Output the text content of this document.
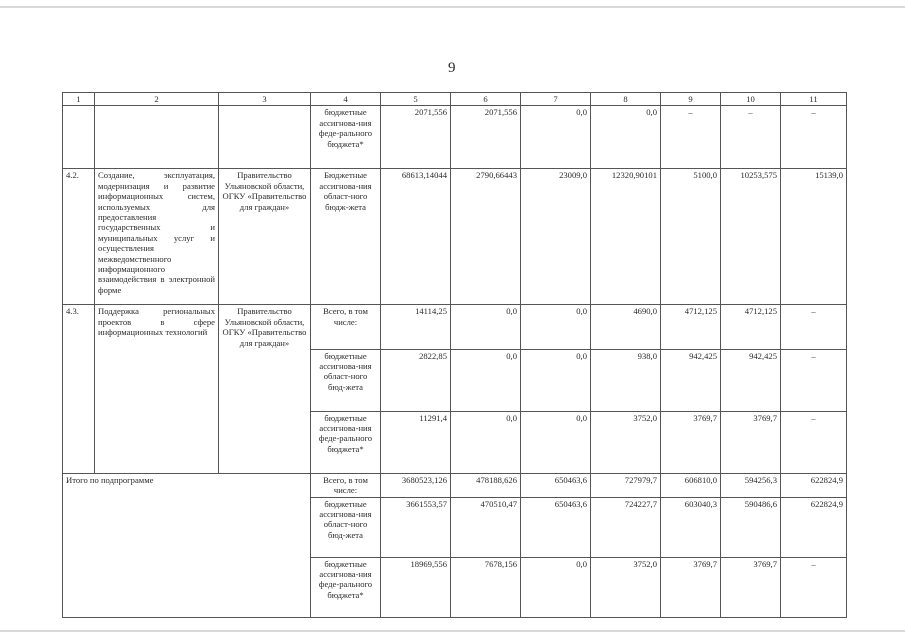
9
1	2	3	4	5	6	7	8	9	10	11
			бюджетные ассигнова-ния феде-рального бюджета*	2071,556	2071,556	0,0	0,0	–	–	–
4.2.	Создание, эксплуатация, модернизация и развитие информационных систем, используемых для предоставления государственных и муниципальных услуг и осуществления межведомственного информационного взаимодействия в электронной форме	Правительство Ульяновской области, ОГКУ «Правительство для граждан»	Бюджетные ассигнова-ния област-ного бюдж-жета	68613,14044	2790,66443	23009,0	12320,90101	5100,0	10253,575	15139,0
4.3.	Поддержка региональных проектов в сфере информационных технологий	Правительство Ульяновской области, ОГКУ «Правительство для граждан»	Всего, в том числе:	14114,25	0,0	0,0	4690,0	4712,125	4712,125	–
			бюджетные ассигнова-ния област-ного бюд-жета	2822,85	0,0	0,0	938,0	942,425	942,425	–
			бюджетные ассигнова-ния феде-рального бюджета*	11291,4	0,0	0,0	3752,0	3769,7	3769,7	–
Итого по подпрограмме			Всего, в том числе:	3680523,126	478188,626	650463,6	727979,7	606810,0	594256,3	622824,9
			бюджетные ассигнова-ния област-ного бюд-жета	3661553,57	470510,47	650463,6	724227,7	603040,3	590486,6	622824,9
			бюджетные ассигнова-ния феде-рального бюджета*	18969,556	7678,156	0,0	3752,0	3769,7	3769,7	–
